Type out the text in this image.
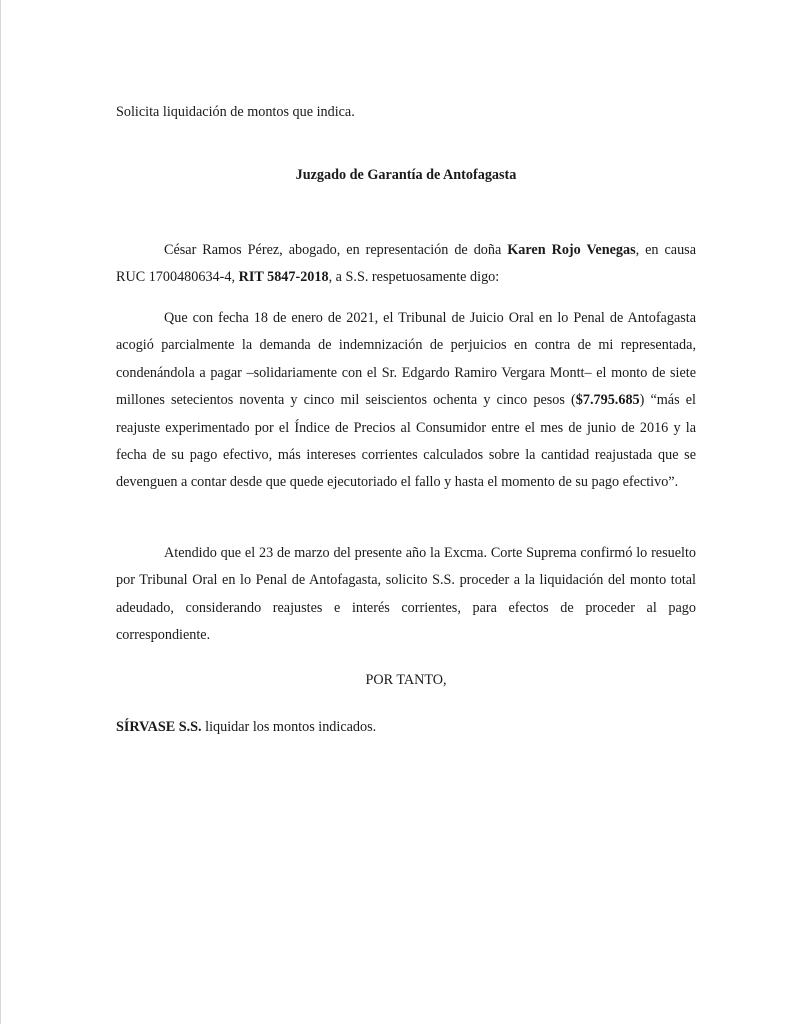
Solicita liquidación de montos que indica.
Juzgado de Garantía de Antofagasta
César Ramos Pérez, abogado, en representación de doña Karen Rojo Venegas, en causa RUC 1700480634-4, RIT 5847-2018, a S.S. respetuosamente digo:
Que con fecha 18 de enero de 2021, el Tribunal de Juicio Oral en lo Penal de Antofagasta acogió parcialmente la demanda de indemnización de perjuicios en contra de mi representada, condenándola a pagar –solidariamente con el Sr. Edgardo Ramiro Vergara Montt– el monto de siete millones setecientos noventa y cinco mil seiscientos ochenta y cinco pesos ($7.795.685) “más el reajuste experimentado por el Índice de Precios al Consumidor entre el mes de junio de 2016 y la fecha de su pago efectivo, más intereses corrientes calculados sobre la cantidad reajustada que se devenguen a contar desde que quede ejecutoriado el fallo y hasta el momento de su pago efectivo”.
Atendido que el 23 de marzo del presente año la Excma. Corte Suprema confirmó lo resuelto por Tribunal Oral en lo Penal de Antofagasta, solicito S.S. proceder a la liquidación del monto total adeudado, considerando reajustes e interés corrientes, para efectos de proceder al pago correspondiente.
POR TANTO,
SÍRVASE S.S. liquidar los montos indicados.
